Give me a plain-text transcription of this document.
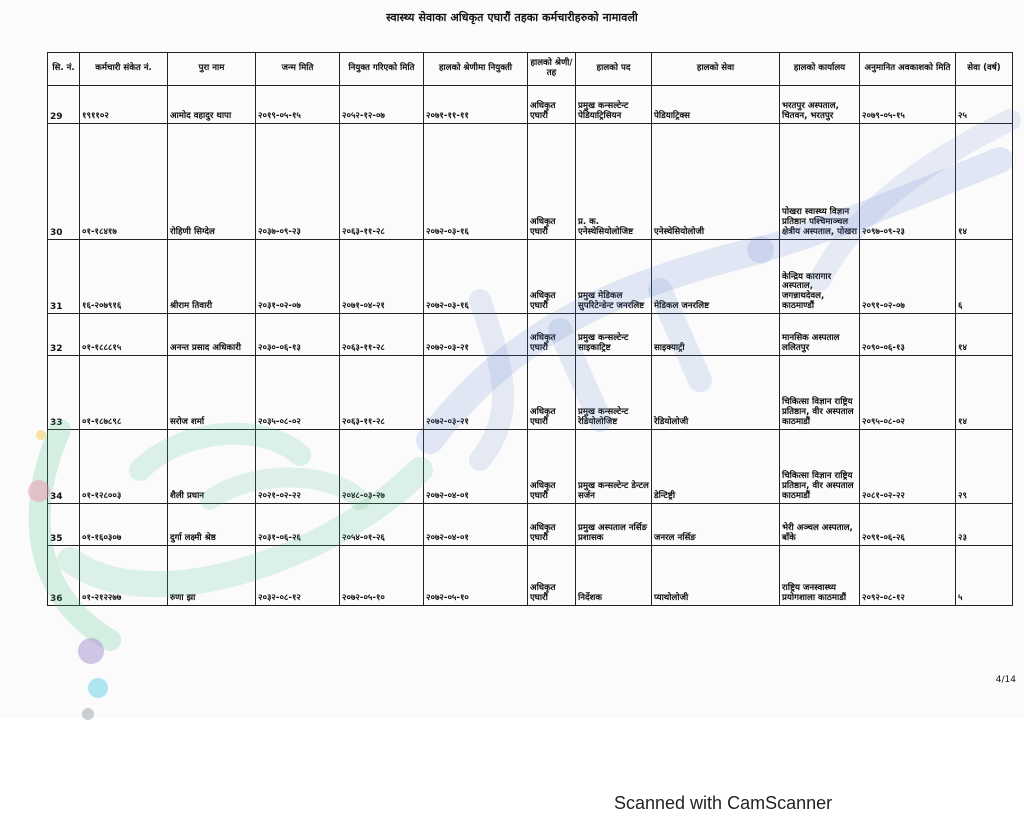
स्वास्थ्य सेवाका अधिकृत एघारौं तहका कर्मचारीहरुको नामावली
सि. नं.	कर्मचारी संकेत नं.	पुरा नाम	जन्म मिति	नियुक्त गरिएको मिति	हालको श्रेणीमा नियुक्ती	हालको श्रेणी/तह	हालको पद	हालको सेवा	हालको कार्यालय	अनुमानित अवकाशको मिति	सेवा (वर्ष)
29	१९११०२	आमोद वहादुर थापा	२०१९-०५-१५	२०५२-१२-०७	२०७१-११-११	अधिकृत एघारौं	प्रमुख कन्सल्टेन्ट पेडियाट्रिसियन	पेडियाट्रिक्स	भरतपुर अस्पताल, चितवन, भरतपुर	२०७९-०५-१५	२५
30	०१-१८४१७	रोहिणी सिग्देल	२०३७-०९-२३	२०६३-११-२८	२०७२-०३-१६	अधिकृत एघारौं	प्र. क. एनेस्थेसियोलोजिष्ट	एनेस्थेसियोलोजी	पोखरा स्वास्थ्य विज्ञान प्रतिष्ठान पश्चिमाञ्चल क्षेत्रीय अस्पताल, पोखरा	२०९७-०९-२३	१४
31	१६-२०७९१६	श्रीराम तिवारी	२०३१-०२-०७	२०७१-०४-२१	२०७२-०३-१६	अधिकृत एघारौं	प्रमुख मेडिकल सुपरिटेन्डेन्ट जनरलिष्ट	मेडिकल जनरलिष्ट	केन्द्रिय कारागार अस्पताल, जगन्नाथदेवल, काठमाण्डौं	२०९१-०२-०७	६
32	०१-१८८८१५	अनन्त प्रसाद अधिकारी	२०३०-०६-१३	२०६३-११-२८	२०७२-०३-२१	अधिकृत एघारौं	प्रमुख कन्सल्टेन्ट साइकाट्रिष्ट	साइक्याट्री	मानसिक अस्पताल ललितपुर	२०९०-०६-१३	१४
33	०१-१८७८९८	सरोज शर्मा	२०३५-०८-०२	२०६३-११-२८	२०७२-०३-२१	अधिकृत एघारौं	प्रमुख कन्सल्टेन्ट रेडियोलोजिष्ट	रेडियोलोजी	चिकित्सा विज्ञान राष्ट्रिय प्रतिष्ठान, वीर अस्पताल काठमाडौं	२०९५-०८-०२	१४
34	०१-१२८००३	शैली प्रधान	२०२१-०२-२२	२०४८-०३-२७	२०७२-०४-०१	अधिकृत एघारौं	प्रमुख कन्सल्टेन्ट डेन्टल सर्जन	डेन्टिष्ट्री	चिकित्सा विज्ञान राष्ट्रिय प्रतिष्ठान, वीर अस्पताल काठमाडौं	२०८१-०२-२२	२९
35	०१-१६०३०७	दुर्गा लक्ष्मी श्रेष्ठ	२०३१-०६-२६	२०५४-०१-२६	२०७२-०४-०१	अधिकृत एघारौं	प्रमुख अस्पताल नर्सिङ प्रशासक	जनरल नर्सिङ	भेरी अञ्चल अस्पताल, बाँके	२०९१-०६-२६	२३
36	०१-२१२२७७	रुणा झा	२०३२-०८-१२	२०७२-०५-१०	२०७२-०५-१०	अधिकृत एघारौं	निर्देशक	प्याथोलोजी	राष्ट्रिय जनस्वास्थ्य प्रयोगशाला काठमाडौं	२०९२-०८-१२	५
4/14
Scanned with CamScanner
